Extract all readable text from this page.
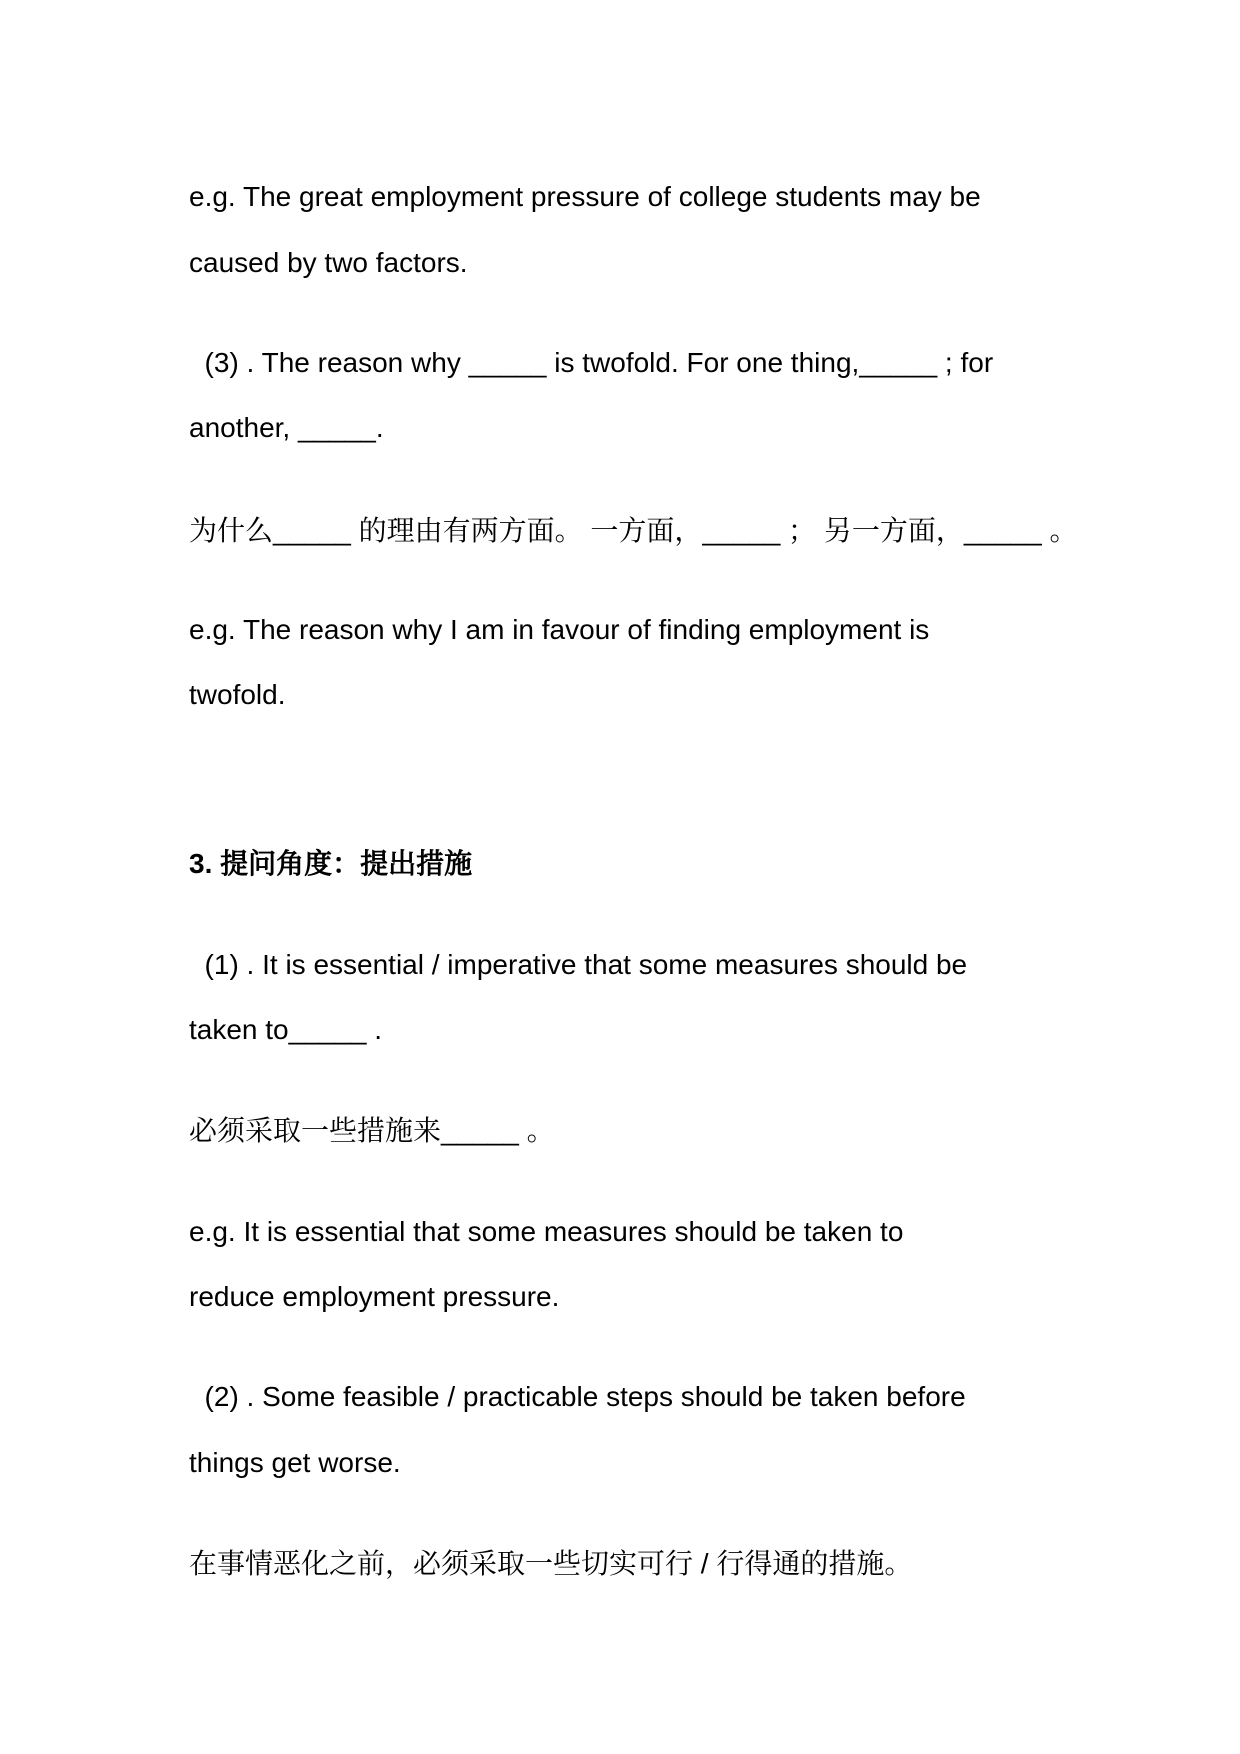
e.g. The great employment pressure of college students may be
caused by two factors.
(3) . The reason why _____ is twofold. For one thing,_____ ; for
another, _____.
为什么_____ 的理由有两方面。 一方面，_____ ； 另一方面，_____ 。
e.g. The reason why I am in favour of finding employment is
twofold.
3. 提问角度：提出措施
(1) . It is essential / imperative that some measures should be
taken to_____ .
必须采取一些措施来_____ 。
e.g. It is essential that some measures should be taken to
reduce employment pressure.
(2) . Some feasible / practicable steps should be taken before
things get worse.
在事情恶化之前，必须采取一些切实可行 / 行得通的措施。
